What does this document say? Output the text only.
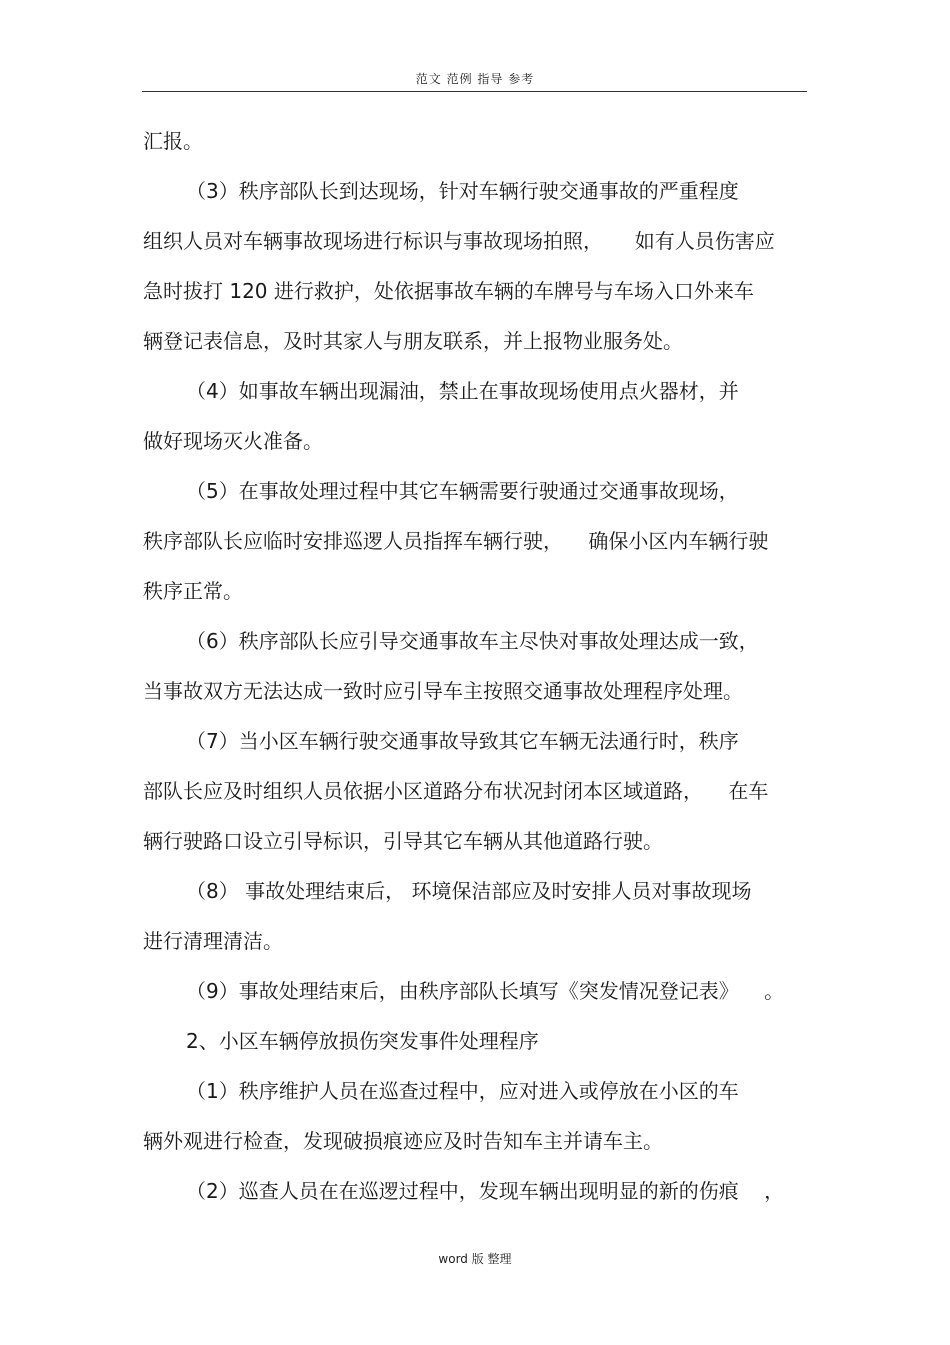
范文 范例 指导 参考
汇报。
（3）秩序部队长到达现场，针对车辆行驶交通事故的严重程度
组织人员对车辆事故现场进行标识与事故现场拍照，     如有人员伤害应
急时拔打 120 进行救护，处依据事故车辆的车牌号与车场入口外来车
辆登记表信息，及时其家人与朋友联系，并上报物业服务处。
（4）如事故车辆出现漏油，禁止在事故现场使用点火器材，并
做好现场灭火准备。
（5）在事故处理过程中其它车辆需要行驶通过交通事故现场，
秩序部队长应临时安排巡逻人员指挥车辆行驶，    确保小区内车辆行驶
秩序正常。
（6）秩序部队长应引导交通事故车主尽快对事故处理达成一致，
当事故双方无法达成一致时应引导车主按照交通事故处理程序处理。
（7）当小区车辆行驶交通事故导致其它车辆无法通行时，秩序
部队长应及时组织人员依据小区道路分布状况封闭本区域道路，    在车
辆行驶路口设立引导标识，引导其它车辆从其他道路行驶。
（8） 事故处理结束后， 环境保洁部应及时安排人员对事故现场
进行清理清洁。
（9）事故处理结束后，由秩序部队长填写《突发情况登记表》    。
2、小区车辆停放损伤突发事件处理程序
（1）秩序维护人员在巡查过程中，应对进入或停放在小区的车
辆外观进行检查，发现破损痕迹应及时告知车主并请车主。
（2）巡查人员在在巡逻过程中，发现车辆出现明显的新的伤痕    ，
word 版 整理
